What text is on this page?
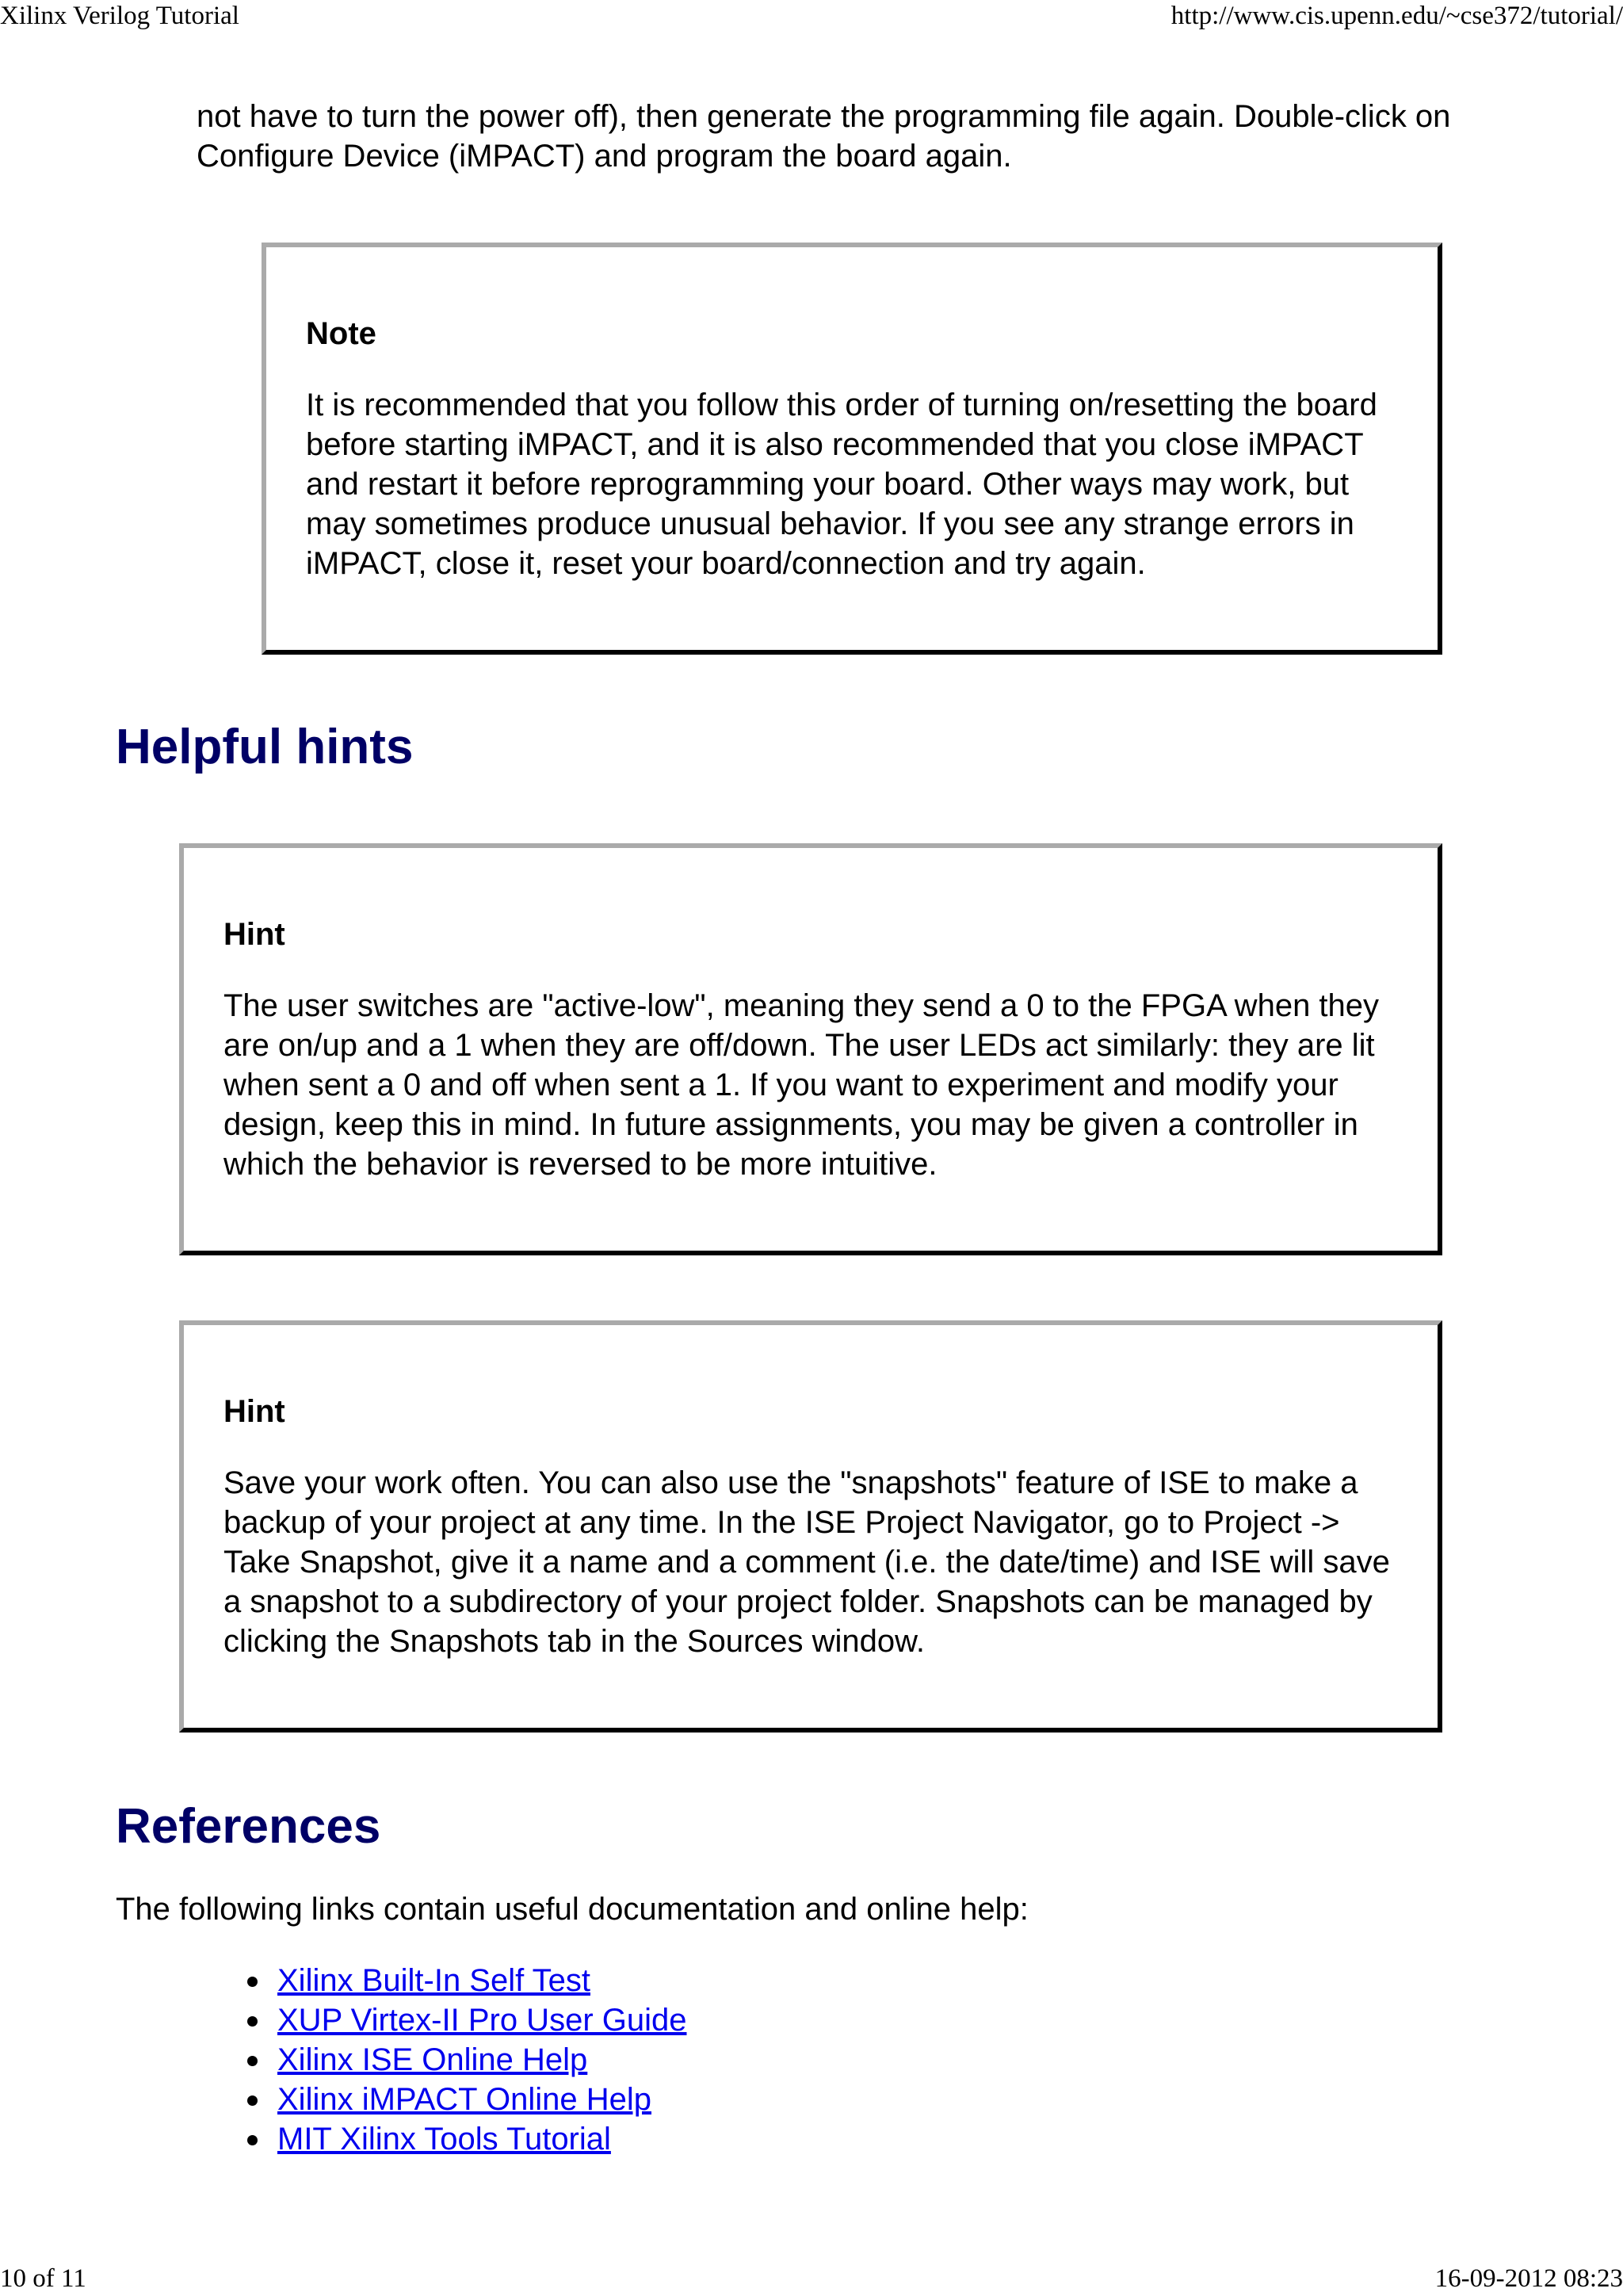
Xilinx Verilog Tutorial	http://www.cis.upenn.edu/~cse372/tutorial/

not have to turn the power off), then generate the programming file again. Double-click on Configure Device (iMPACT) and program the board again.

Note

It is recommended that you follow this order of turning on/resetting the board before starting iMPACT, and it is also recommended that you close iMPACT and restart it before reprogramming your board. Other ways may work, but may sometimes produce unusual behavior. If you see any strange errors in iMPACT, close it, reset your board/connection and try again.

Helpful hints

Hint

The user switches are "active-low", meaning they send a 0 to the FPGA when they are on/up and a 1 when they are off/down. The user LEDs act similarly: they are lit when sent a 0 and off when sent a 1. If you want to experiment and modify your design, keep this in mind. In future assignments, you may be given a controller in which the behavior is reversed to be more intuitive.

Hint

Save your work often. You can also use the "snapshots" feature of ISE to make a backup of your project at any time. In the ISE Project Navigator, go to Project -> Take Snapshot, give it a name and a comment (i.e. the date/time) and ISE will save a snapshot to a subdirectory of your project folder. Snapshots can be managed by clicking the Snapshots tab in the Sources window.

References

The following links contain useful documentation and online help:

Xilinx Built-In Self Test
XUP Virtex-II Pro User Guide
Xilinx ISE Online Help
Xilinx iMPACT Online Help
MIT Xilinx Tools Tutorial
10 of 11	16-09-2012 08:23
